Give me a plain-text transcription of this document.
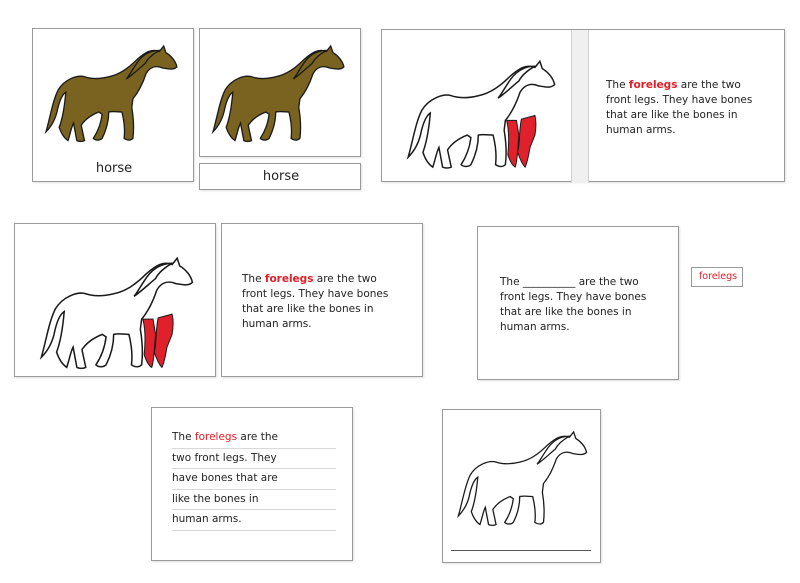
horse
horse
The forelegs are the two front legs. They have bones that are like the bones in human arms.
The forelegs are the two front legs. They have bones that are like the bones in human arms.
The __________ are the two front legs. They have bones that are like the bones in human arms.
forelegs
The forelegs are the
two front legs. They
have bones that are
like the bones in
human arms.
